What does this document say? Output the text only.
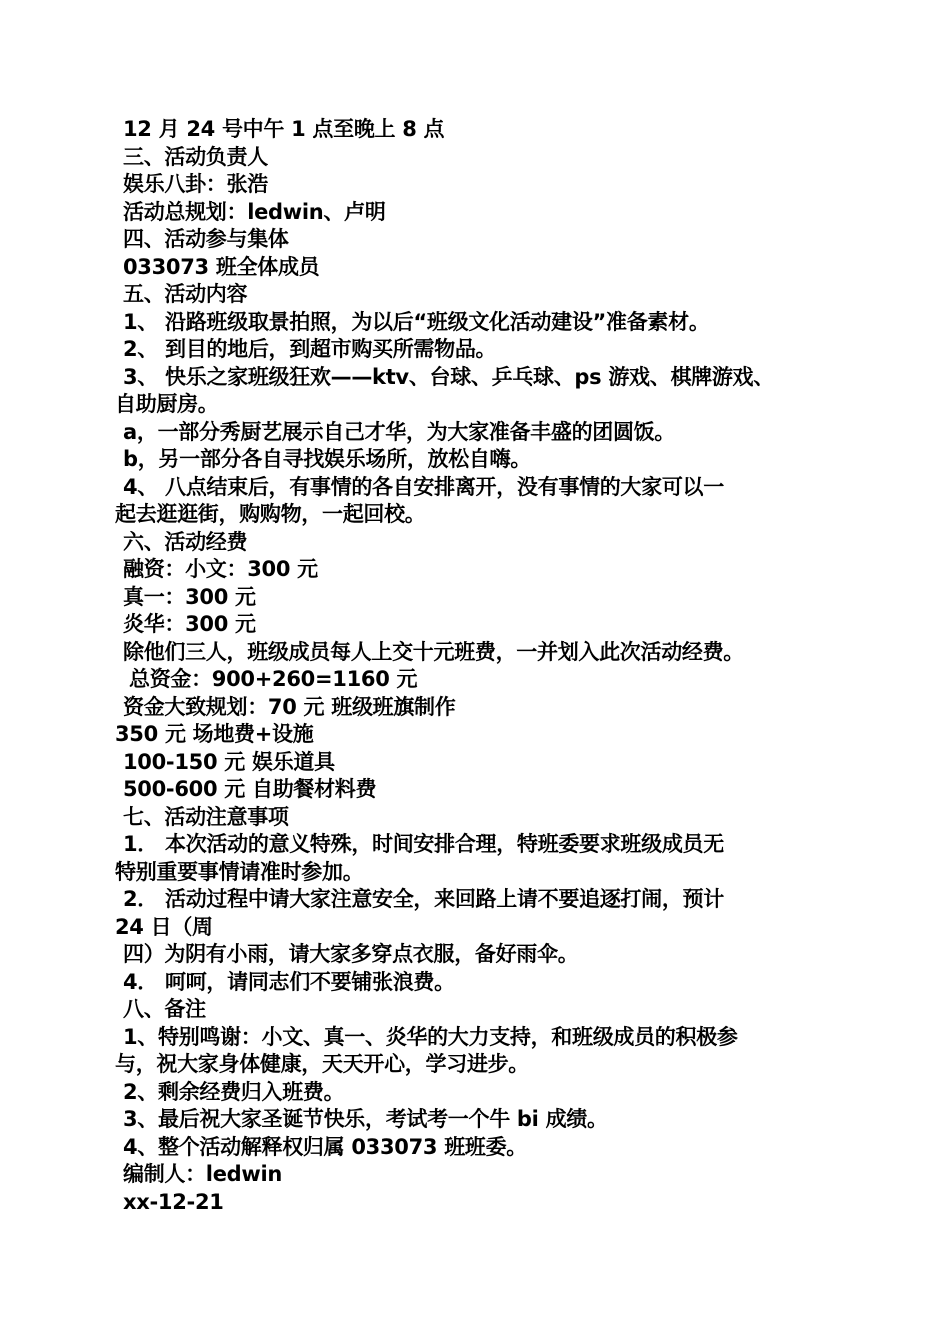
12 月 24 号中午 1 点至晚上 8 点

三、活动负责人

娱乐八卦：张浩

活动总规划：ledwin、卢明

四、活动参与集体

033073 班全体成员

五、活动内容

1、 沿路班级取景拍照，为以后“班级文化活动建设”准备素材。

2、 到目的地后，到超市购买所需物品。

3、 快乐之家班级狂欢——ktv、台球、乒乓球、ps 游戏、棋牌游戏、

自助厨房。

a，一部分秀厨艺展示自己才华，为大家准备丰盛的团圆饭。

b，另一部分各自寻找娱乐场所，放松自嗨。

4、 八点结束后，有事情的各自安排离开，没有事情的大家可以一

起去逛逛街，购购物，一起回校。

六、活动经费

融资：小文：300 元

真一：300 元

炎华：300 元

除他们三人，班级成员每人上交十元班费，一并划入此次活动经费。

总资金：900+260=1160 元

资金大致规划：70 元 班级班旗制作

350 元 场地费+设施

100-150 元 娱乐道具

500-600 元 自助餐材料费

七、活动注意事项

1． 本次活动的意义特殊，时间安排合理，特班委要求班级成员无

特别重要事情请准时参加。

2． 活动过程中请大家注意安全，来回路上请不要追逐打闹，预计

24 日（周

四）为阴有小雨，请大家多穿点衣服，备好雨伞。

4． 呵呵，请同志们不要铺张浪费。

八、备注

1、特别鸣谢：小文、真一、炎华的大力支持，和班级成员的积极参

与，祝大家身体健康，天天开心，学习进步。

2、剩余经费归入班费。

3、最后祝大家圣诞节快乐，考试考一个牛 bi 成绩。

4、整个活动解释权归属 033073 班班委。

编制人：ledwin

xx-12-21
